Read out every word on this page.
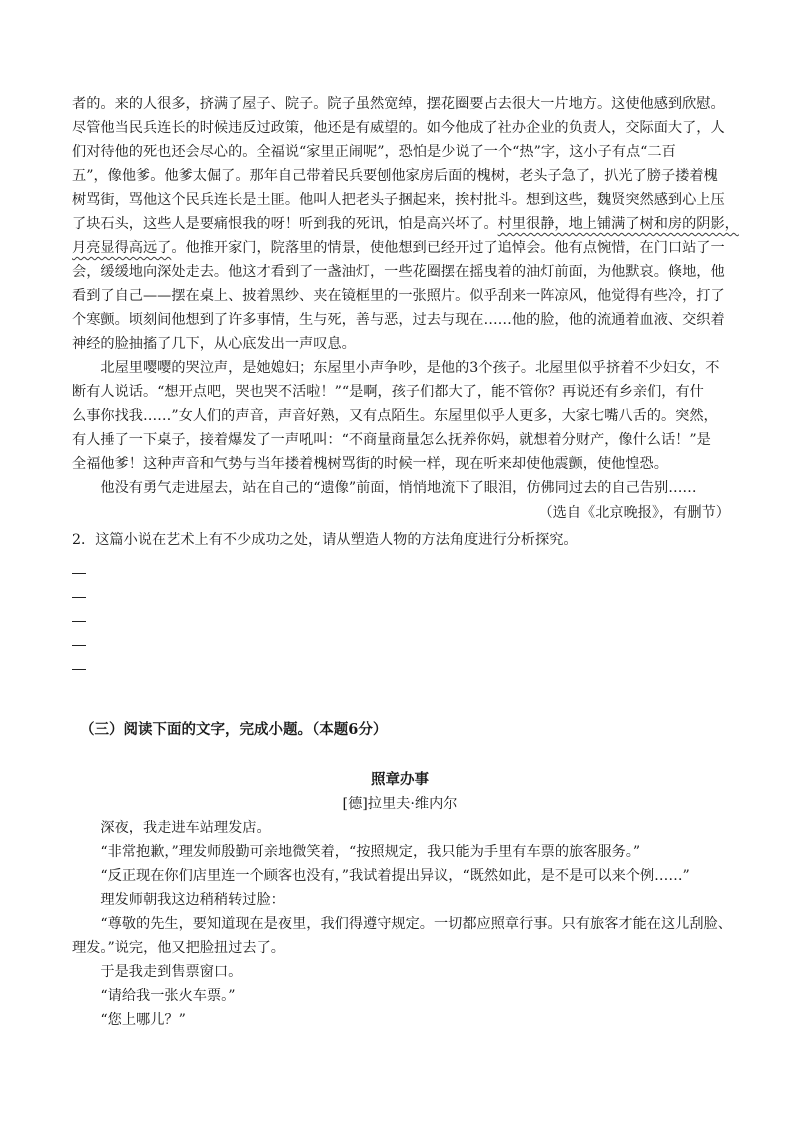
者的。来的人很多，挤满了屋子、院子。院子虽然宽绰，摆花圈要占去很大一片地方。这使他感到欣慰。
尽管他当民兵连长的时候违反过政策，他还是有威望的。如今他成了社办企业的负责人，交际面大了，人
们对待他的死也还会尽心的。全福说“家里正闹呢”，恐怕是少说了一个“热”字，这小子有点“二百
五”，像他爹。他爹太倔了。那年自己带着民兵要刨他家房后面的槐树，老头子急了，扒光了膀子搂着槐
树骂街，骂他这个民兵连长是土匪。他叫人把老头子捆起来，挨村批斗。想到这些，魏贤突然感到心上压
了块石头，这些人是要痛恨我的呀！听到我的死讯，怕是高兴坏了。村里很静，地上铺满了树和房的阴影，
月亮显得高远了。他推开家门，院落里的情景，使他想到已经开过了追悼会。他有点惋惜，在门口站了一
会，缓缓地向深处走去。他这才看到了一盏油灯，一些花圈摆在摇曳着的油灯前面，为他默哀。倏地，他
看到了自己——摆在桌上、披着黑纱、夹在镜框里的一张照片。似乎刮来一阵凉风，他觉得有些冷，打了
个寒颤。顷刻间他想到了许多事情，生与死，善与恶，过去与现在……他的脸，他的流通着血液、交织着
神经的脸抽搐了几下，从心底发出一声叹息。
　　北屋里嘤嘤的哭泣声，是她媳妇；东屋里小声争吵，是他的3个孩子。北屋里似乎挤着不少妇女，不
断有人说话。“想开点吧，哭也哭不活啦！”“是啊，孩子们都大了，能不管你？再说还有乡亲们，有什
么事你找我……”女人们的声音，声音好熟，又有点陌生。东屋里似乎人更多，大家七嘴八舌的。突然，
有人捶了一下桌子，接着爆发了一声吼叫：“不商量商量怎么抚养你妈，就想着分财产，像什么话！”是
全福他爹！这种声音和气势与当年搂着槐树骂街的时候一样，现在听来却使他震颤，使他惶恐。
　　他没有勇气走进屋去，站在自己的“遗像”前面，悄悄地流下了眼泪，仿佛同过去的自己告别……
（选自《北京晚报》，有删节）
2．这篇小说在艺术上有不少成功之处，请从塑造人物的方法角度进行分析探究。
（三）阅读下面的文字，完成小题。（本题6分）
照章办事
[德]拉里夫·维内尔
　　深夜，我走进车站理发店。
　　“非常抱歉，”理发师殷勤可亲地微笑着，“按照规定，我只能为手里有车票的旅客服务。”
　　“反正现在你们店里连一个顾客也没有，”我试着提出异议，“既然如此，是不是可以来个例……”
　　理发师朝我这边稍稍转过脸：
　　“尊敬的先生，要知道现在是夜里，我们得遵守规定。一切都应照章行事。只有旅客才能在这儿刮脸、
理发。”说完，他又把脸扭过去了。
　　于是我走到售票窗口。
　　“请给我一张火车票。”
　　“您上哪儿？”
